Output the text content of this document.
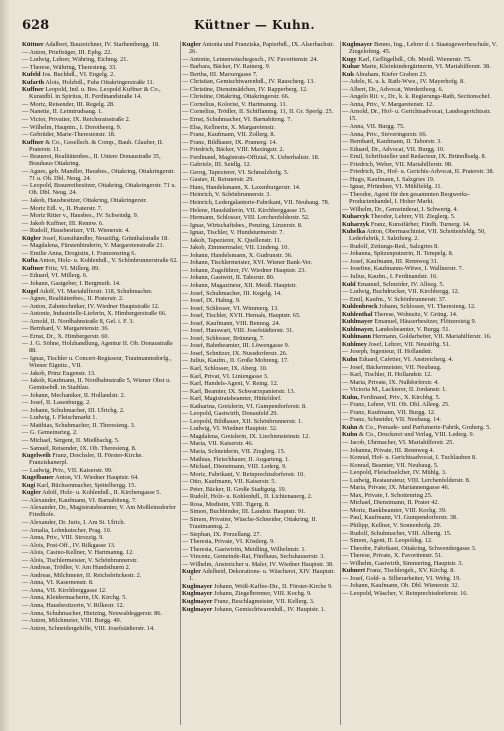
628	Küttner — Kuhn.

Küttner Adalbert, Bauzeichner, IV. Starhembergg. 18.

— Anton, Priefträger, III. Ephg. 22.

— Ludwig, Lehrer, Währing, Eichmg. 21.

— Therese, Währing, Theresieng. 33.

Kufeld Jos. Buchhdl., VI. Engelg. 2.

Kufarth Alois, Holzbdl., Fuhs Ottakringerstraße 11.

Kuffner Leopold, Ind. u. Bes. Leopold Kuffner & Co., Kunstdbl. in Spiritus, II. Ferdinandstraße 14.

— Moriz, Reisender, III. Regelg. 28.

— Nanette, II. Leimtrudsaug. 1.

— Victor, Privatier, IX. Reichsratsstraße 2.

— Wilhelm, Hauptm., I. Dorotheerg. 9.

— Gebrüder, Marie-Theresienstr. 18.

Kuffner & Co., Gesellsch. & Comp., Bauh. Glauber, II. Praterstr. 11.

— Brauerei, Realitätenbes., II. Untere Donaustraße 35, Brauhaus Ottakring.

— Agnes, geb. Mandler, Hausbes., Ottakring, Ottakringerstr. 71 u. Oh. Dbl. Neug. 24.

— Leopold, Brauereibesitzer, Ottakring, Ottakringerstr. 71 u. Oh. Dbl. Neug. 24.

— Jakob, Hausbesitzer, Ottakring, Ottakringerstr.

— Moriz Edl. v., II. Praterstr. 7.

— Moriz Ritter v., Hausbes., IV. Schwindg. 9.

— Jakob Kuffner, III. Rennw. 6.

— Rudolf, Hausbesitzer, VII. Wienerstr. 4.

Kügler Josef, Kunsthändler, Neustiftg. Grünthalstraße 18.

— Magdalena, Fürstenbinderin, V. Margaretenstraße 21.

— Emilie Anna, Drogistin, I. Franzensring 6.

Kufta Anton, Holz- u. Kohlenhdl., V. Schönbrunnerstraße 62.

Kuftner Fritz, VI. Millerg. 89.

— Eduard, VI. Millerg. 6.

— Johann, Gastgeber, I. Bergmuth. 14.

Kugel Adolf, VI. Mariahilferstr. 118, Schuhmacher.

— Agnes, Realitätenbes., II. Praterstr. 2.

— Anton, Zahntechniker, IV. Wiedner Hauptstraße 12.

— Antonie, Industrielle-Lieferin, X. Himbergerstraße 66.

— Arnold, II. Nordbahnstraße 8, Gel. i. F. 3.

— Bernhard, V. Margaretenstr. 36.

— Ernst, Dr., X. Himbergerstr. 60.

— J. G. Söhne, Holzhandlung, Agentur II. Ob. Donaustraße 88.

— Ignaz, Tischler u. Concert-Regisseur, Trautmannsdorfg., Wiener Eignitz., VII.

— Jakob, Prinz Eugenstr. 13.

— Jakob, Kaufmann, II. Nordbahnstraße 5, Wiener Obst u. Gemüsebdl. in Stadtlau.

— Johann, Mechaniker, II. Hollandstr. 2.

— Josef, II. Lasenburgg. 2.

— Johann, Schuhmacher, III. Ulrichg. 2.

— Ludwig, I. Fleischmarkt 1.

— Matthias, Schuhmacher, II. Theresieng. 3.

— G. Gemeinsrieg. 2.

— Michael, Sergent, II. Mießbachg. 5.

— Samuel, Reisender, IX. Ob. Theresieng. 8.

Kugelweih Franz, Drechsler, II. Förster-Kirche. Franziskanerpl.

— Ludwig, Priv., VII. Kaiserstr. 99.

Kugelbauer Anton, VI. Wiedner Hauptstr. 64.

Kugi Karl, Büchsenmacher, Spittelbergg. 15.

Kugler Adolf, Holz- u. Kohlenhdl., II. Kirchengasse 5.

— Alexander, Kaufmann, VI. Barnabiteng. 7.

— Alexander, Dr., Magistratsbeamter, V. Am Moßleinsdorfer Friedhofe.

— Alexander, Dr. Juris, I. Am St. Ulrich.

— Amalia, Lohnkutscher, Prag. 10.

— Anna, Priv., VIII. Strozzig. 9.

— Alois, Post-Off., IV. Rilkgasse 13.

— Alois, Casino-Kellner, V. Hartmanng. 12.

— Alois, Tischlermeister, V. Schönbrunnerstr.

— Andreas, Trödler, V. Am Hundsthurm 2.

— Andreas, Milchmeier, II. Reichsbrückestr. 2.

— Anna, VI. Kasernenstr. 8.

— Anna, VII. Kirchberggasse 12.

— Anna, Kleidermacherin, IX. Kirchg. 5.

— Anna, Hausbesitzerin, V. Rilkestr. 12.

— Anna, Schuhmacher, Hietzing, Neuwaldeggerstr. 86.

— Anton, Milchmeier, VIII. Burgg. 40.

— Anton, Schneidergehilfe, VIII. Josefstädterstr. 14.

Kugler Antonia und Franziska, Papierhdl., IX. Alserbachstr. 26.

— Antonie, Leinenwäschegesch., IV. Favoritenstr. 24.

— Barbara, Bäcker, IV. Rainerg. 9.

— Bertha, III. Marxergasse 7.

— Christian, Gemischtwarenhdl., IV. Rauscherg. 13.

— Christine, Dienstmädchen, IV. Rapperberg. 12.

— Christine, Ottakring, Ottakringerstr. 66.

— Cornelius, Kolorist, V. Hartmanng. 11.

— Cornelius, Trödler, II. Schiffamtsg. 11, II. Gr. Sperlg. 25.

— Ernst, Schuhmacher, VI. Barnabiteng. 7.

— Elsa, Kellnerin, X. Margaretenstr.

— Franz, Kaufmann, VII. Zollerg. 8.

— Franz, Bildhauer, IX. Pramerg. 14.

— Friedrich, Bäcker, VIII. Maxingstr. 2.

— Ferdinand, Magistrats-Offizial, X. Ueberhaltstr. 18.

— Gabriele, III. Seidlg. 12.

— Georg, Tapezierer, VI. Schmalzhofg. 5.

— Gustav, II. Reisnerstr. 29.

— Hans, Handelsmann, X. Laxenburgerstr. 14.

— Heinrich, V. Schönbrunnerstr. 3.

— Heinrich, Ledergalanterie-Fabrikant, VII. Neubaug. 78.

— Helene, Haushälterin, VII. Kirchberggasse 15.

— Hermann, Schlosser, VIII. Lerchenfelderstr. 52.

— Ignaz, Wirtschaftsbes., Penzing, Linzerstr. 8.

— Ignaz, Tischler, V. Hundsturmerstr. 7.

— Jakob, Tapezierer, X. Quellenstr. 11.

— Jakob, Zimmermaler, VII. Lindeng. 10.

— Johann, Handelsmann, X. Gudrunstr. 36.

— Johann, Tischlermeister, XVI. Wiener Bank-Ver.

— Johann, Zugsführer, IV. Wiedner Hauptstr. 23.

— Johann, Gastwirt, II. Taborstr. 80.

— Johann, Magazineur, XII. Meidl. Hauptstr.

— Josef, Schuhmacher, III. Kegelg. 14.

— Josef, IX. Hahng. 9.

— Josef, Schlosser, VI. Wimmerg. 13.

— Josef, Tischler, XVII. Hernals, Hauptstr. 65.

— Josef, Kaufmann, VIII. Bennog. 24.

— Josef, Hauswart, VIII. Josefstädterstr. 31.

— Josef, Schlosser, Brünnerg. 7.

— Josef, Bahnbeamter, III. Löwengasse 9.

— Josef, Schnitzer, IX. Nussdorferstr. 26.

— Julius, Kaufm., II. Große Mohreng. 17.

— Karl, Schlosser, IX. Aberg. 10.

— Karl, Privat, VI. Liniengasse 3.

— Karl, Handels-Agent, V. Reing. 12.

— Karl, Beamter, IX. Schwarzspanierstr. 13.

— Karl, Magistratsbeamter, Hütteldorf.

— Katharina, Greislerin, VI. Gumpendorferstr. 8.

— Leopold, Gastwirth, Donaufeld 29.

— Leopold, Bildhauer, XII. Schönbrunnerstr. 1.

— Ludwig, VI. Wiedner Hauptstr. 32.

— Magdalena, Greislerin, IX. Liechtensteinstr. 12.

— Maria, VII. Kaiserstr. 46.

— Maria, Schneiderin, VII. Zieglerg. 15.

— Mathias, Fleischhauer, II. Augarteng. 1.

— Michael, Dienstmann, VIII. Lederg. 9.

— Moriz, Fabrikant, V. Reinprechtsdorferstr. 10.

— Otto, Kaufmann, VII. Kaiserstr. 5.

— Peter, Bäcker, II. Große Stadtgutg. 19.

— Rudolf, Holz- u. Kohlenhdl., II. Lichtenauerg. 2.

— Rosa, Modistin, VIII. Tigerg. 8.

— Simon, Buchbinder, III. Landstr. Hauptstr. 91.

— Simon, Privatier, Wäsche-Schneider, Ottakring, II. Trautmannsg. 2.

— Stephan, IX. Porzellang. 27.

— Theresia, Private, VI. Köstlerg. 9.

— Theresia, Gastwirtin, Meidling, Wilhelmstr. 1.

— Vincenz, Gemeinde-Rat, Fünfhaus, Sechshauserstr. 3.

— Wilhelm, Anstreicher u. Maler, IV. Wiedner Hauptstr. 38.

Kugler Adelheid, Dekorations- u. Wäscherei, XIV. Hauptstr. 1.

Kuglmayer Johann, Weiß-Kaffee-Dir., II. Förster-Kirche 9.

Kuglmayer Johann, Ziegelbrenner, VIII. Kochg. 9.

Kuglmayer Franz, Beschlagmeister, VII. Kellerg. 3.

Kuglmayer Johann, Gemischtwarenhdl., IV. Hauptstr. 1.

Kuglmayer Benno, Ing., Lehrer d. t. Staatsgewerbeschule, V. Ziegelofeng. 45.

Kugy Karl, Geflügelhdl., Ob. Meidl. Wienerstr. 75.

Kuhar Marie, Kleinkindergärtnerin, VI. Mariahilferstr. 38.

Kuh Abraham, Kiefer Graben 23.

— Adele, K. u. k. Rath-Wwe., IV. Mayerhofg. 8.

— Albert, Dr., Advocat, Werderthorg. 6.

— Angelo Rit. v., Dr., k. k. Regierungs-Rath, Sectionschef.

— Anna, Priv., V. Margaretenstr. 12.

— Arnold, Dr., Hof- u. Gerichtsadvocat, Landesgerichtsstr. 15.

— Anna, VII. Burgg. 75.

— Anna, Priv., Sieveringerstr. 66.

— Bernhard, Kaufmann, II. Taborstr. 3.

— Eduard, Dr., Advocat, VII. Burgg. 10.

— Emil, Schriftsteller und Redacteur, IX. Brünnlbadg. 8.

— Friedrich, Weber, VII. Mariahilferstr. 98.

— Friedrich, Dr., Hof- u. Gerichts-Advocat, II. Praterstr. 38.

— Hugo, Kaufmann, I. Salzgries 19.

— Ignaz, Pfründner, VI. Mühlfeldg. 11.

— Theodor, Agent für den gesammten Bergwerks-Productenhandel, I. Hoher Markt.

— Wilhelm, Dr., Gemeinderat, I. Schwertg. 4.

Kuharcyk Theodor, Lehrer, VII. Zieglerg. 5.

Kuharzyk Franz, Kunstfärber, Fünfh. Turnerg. 14.

Kuhelka Anton, Obermaschinist, VII. Schottenfeldg. 50, Lederfabrik, I. Salzthorg. 2.

— Rudolf, Zeitungs-Red., Salzgries 8.

— Johanna, Spitzenputzerin, II. Tempelg. 8.

— Josef, Kaufmann, III. Rennweg 31.

— Josefine, Kaufmanns-Witwe, I. Wallnerstr. 7.

— Julius, Kaufm., I. Ferdinandstr. 16.

Kuhl Emanuel, Schneider, IV. Alleeg. 5.

— Ludwig, Buchdrucker, VII. Kirchbergg. 12.

— Emil, Kaufm., V. Schönbrunnerstr. 37.

Kuhlenbrock Johann, Schlosser, VI. Theresieng. 12.

Kuhlenthal Therese, Wohnsitz, V. Grüng. 14.

Kuhlmayer Emanuel, Häuserbesitzer, Flötzersteig 9.

Kuhlmayer, Landesbeamter, V. Burgg. 51.

Kuhlmann Hermann, Goldarbeiter, VII. Mariahilferstr. 16.

Kuhlmey Josef, Lehrer, VII. Neustiftg. 51.

— Joseph, Ingenieur, II. Hollandstr.

Kuhn Eduard, Cafetier, VI. Anstreicherg. 4.

— Josef, Bäckermeister, VII. Neubaug.

— Karl, Tischler, II. Hollandstr. 12.

— Maria, Private, IX. Nußdorferstr. 4.

— Victoria M., Lackierer, II. Jordanstr. 1.

Kuhn, Ferdinand, Priv., X. Kirchbg. 5.

— Franz, Lehrer, VII. Ob. Dbl. Alleeg. 25.

— Franz, Kaufmann, VII. Burgg. 12.

— Franz, Schneider, VII. Neubaug. 14.

Kuhn & Co., Pomade- und Parfumerie-Fabrik, Gruberg. 5.

Kuhn & Co., Druckerei und Verlag, VIII. Lederg. 9.

— Jacob, Uhrmacher, VI. Mariahilferstr. 25.

— Johanna, Private, III. Rennweg 4.

— Konrad, Hof- u. Gerichtsadvocat, I. Tuchlauben 8.

— Konrad, Beamter, VII. Neubaug. 5.

— Leopold, Fleischselcher, IV. Mühlg. 3.

— Ludwig, Restaurateur, VIII. Lerchenfelderstr. 8.

— Maria, Private, IX. Mariannengasse 46.

— Max, Private, I. Schottenring 25.

— Michael, Dienstmann, II. Prater 42.

— Moriz, Bankbeamter, VIII. Kochg. 39.

— Paul, Kaufmann, VI. Gumpendorferstr. 38.

— Philipp, Kellner, V. Sonnenhofg. 29.

— Rudolf, Schuhmacher, VIII. Albertg. 15.

— Simon, Agent, II. Leopoldsg. 12.

— Theodor, Fabrikant, Ottakring, Schwendergasse 3.

— Therese, Private, X. Favoritenstr. 51.

— Wilhelm, Gastwirth, Simmering, Hauptstr. 3.

Kuhnert Franz, Tischlergeh., XV. Kirchg. 8.

— Josef, Gold- u. Silberarbeiter, VI. Webg. 19.

— Johann, Kaufmann, Ob. Dbl. Wienerstr. 32.

— Leopold, Wäscher, V. Reinprechtsdorferstr. 16.
